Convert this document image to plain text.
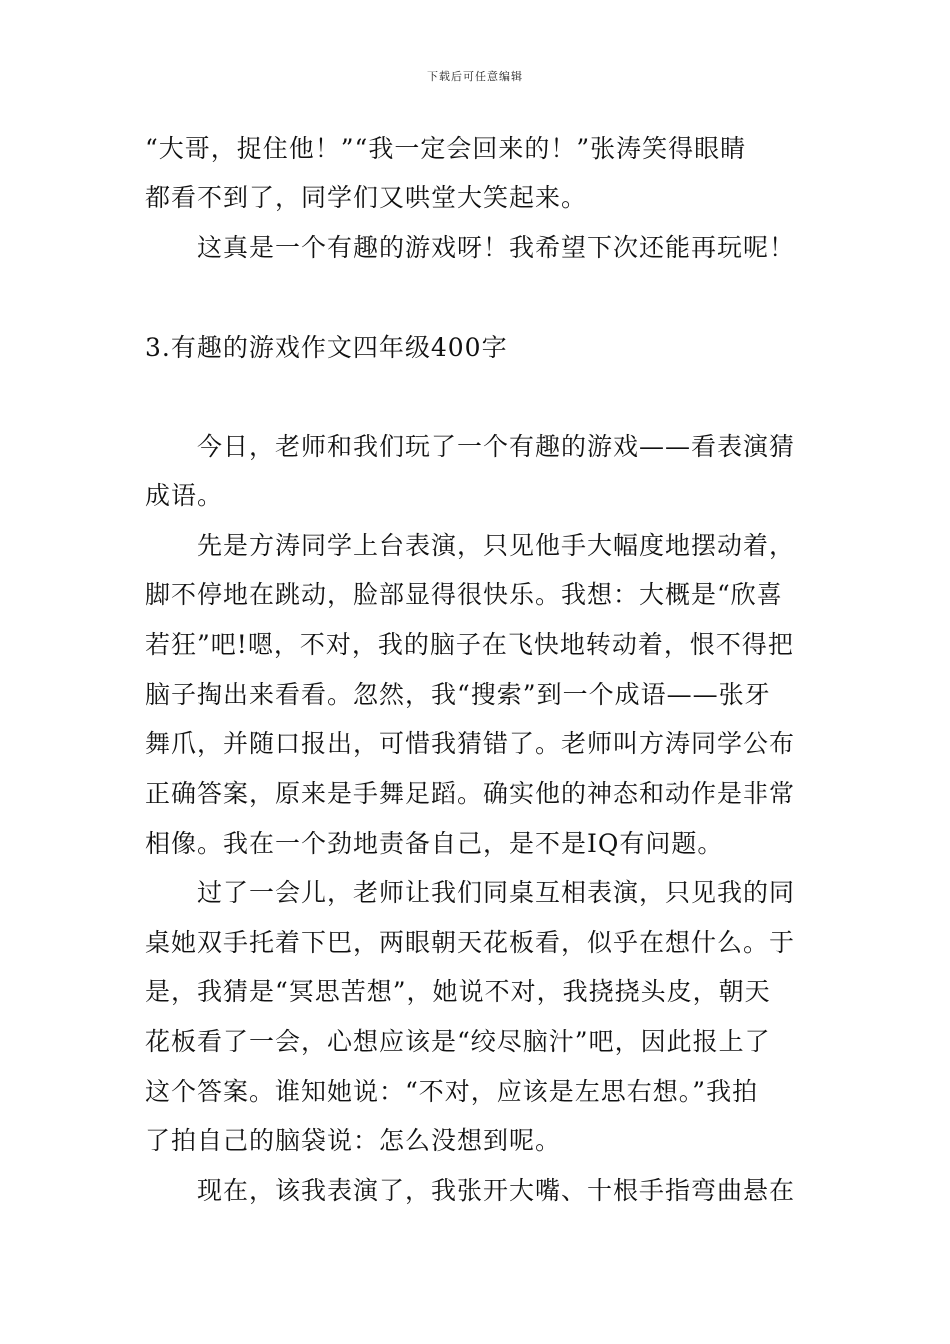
下载后可任意编辑
“大哥，捉住他！”“我一定会回来的！”张涛笑得眼睛
都看不到了，同学们又哄堂大笑起来。
　　这真是一个有趣的游戏呀！我希望下次还能再玩呢！
3.有趣的游戏作文四年级400字
　　今日，老师和我们玩了一个有趣的游戏——看表演猜
成语。
　　先是方涛同学上台表演，只见他手大幅度地摆动着，
脚不停地在跳动，脸部显得很快乐。我想：大概是“欣喜
若狂”吧!嗯，不对，我的脑子在飞快地转动着，恨不得把
脑子掏出来看看。忽然，我“搜索”到一个成语——张牙
舞爪，并随口报出，可惜我猜错了。老师叫方涛同学公布
正确答案，原来是手舞足蹈。确实他的神态和动作是非常
相像。我在一个劲地责备自己，是不是IQ有问题。
　　过了一会儿，老师让我们同桌互相表演，只见我的同
桌她双手托着下巴，两眼朝天花板看，似乎在想什么。于
是，我猜是“冥思苦想”，她说不对，我挠挠头皮，朝天
花板看了一会，心想应该是“绞尽脑汁”吧，因此报上了
这个答案。谁知她说：“不对，应该是左思右想。”我拍
了拍自己的脑袋说：怎么没想到呢。
　　现在，该我表演了，我张开大嘴、十根手指弯曲悬在
